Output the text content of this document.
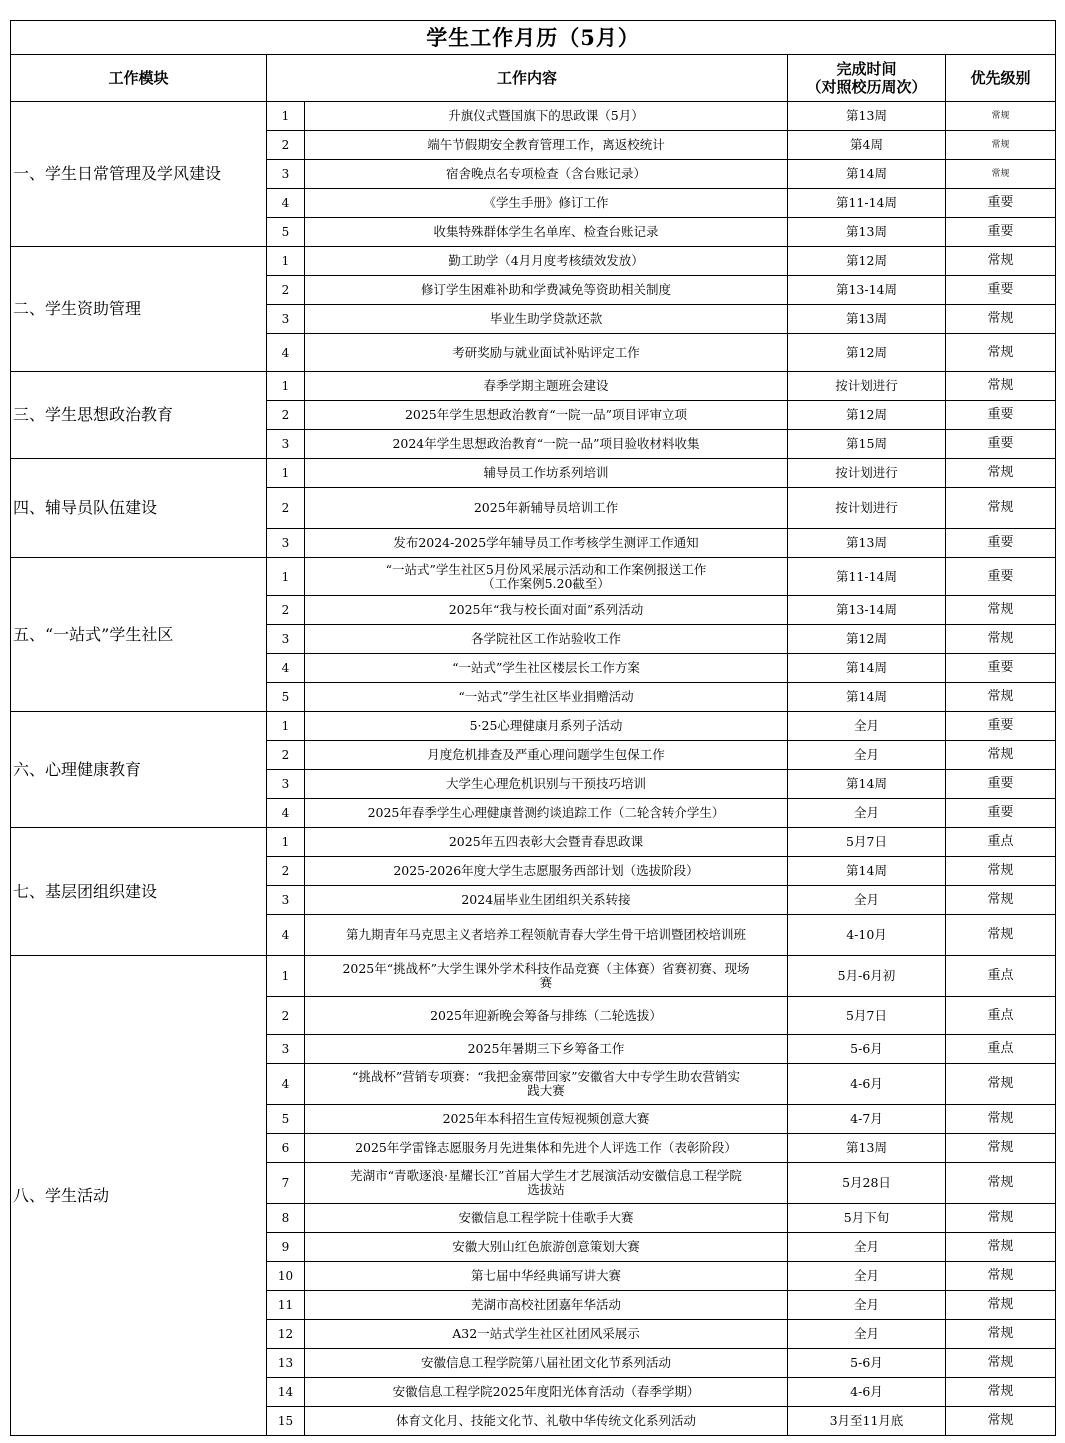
学生工作月历（5月）				
工作模块	工作内容		完成时间
（对照校历周次）	优先级别
一、学生日常管理及学风建设	1	升旗仪式暨国旗下的思政课（5月）	第13周	常规
	2	端午节假期安全教育管理工作，离返校统计	第4周	常规
	3	宿舍晚点名专项检查（含台账记录）	第14周	常规
	4	《学生手册》修订工作	第11-14周	重要
	5	收集特殊群体学生名单库、检查台账记录	第13周	重要
二、学生资助管理	1	勤工助学（4月月度考核绩效发放）	第12周	常规
	2	修订学生困难补助和学费减免等资助相关制度	第13-14周	重要
	3	毕业生助学贷款还款	第13周	常规
	4	考研奖励与就业面试补贴评定工作	第12周	常规
三、学生思想政治教育	1	春季学期主题班会建设	按计划进行	常规
	2	2025年学生思想政治教育“一院一品”项目评审立项	第12周	重要
	3	2024年学生思想政治教育“一院一品”项目验收材料收集	第15周	重要
四、辅导员队伍建设	1	辅导员工作坊系列培训	按计划进行	常规
	2	2025年新辅导员培训工作	按计划进行	常规
	3	发布2024-2025学年辅导员工作考核学生测评工作通知	第13周	重要
五、“一站式”学生社区	1	“一站式”学生社区5月份风采展示活动和工作案例报送工作
（工作案例5.20截至）	第11-14周	重要
	2	2025年“我与校长面对面”系列活动	第13-14周	常规
	3	各学院社区工作站验收工作	第12周	常规
	4	“一站式”学生社区楼层长工作方案	第14周	重要
	5	“一站式”学生社区毕业捐赠活动	第14周	常规
六、心理健康教育	1	5·25心理健康月系列子活动	全月	重要
	2	月度危机排查及严重心理问题学生包保工作	全月	常规
	3	大学生心理危机识别与干预技巧培训	第14周	重要
	4	2025年春季学生心理健康普测约谈追踪工作（二轮含转介学生）	全月	重要
七、基层团组织建设	1	2025年五四表彰大会暨青春思政课	5月7日	重点
	2	2025-2026年度大学生志愿服务西部计划（选拔阶段）	第14周	常规
	3	2024届毕业生团组织关系转接	全月	常规
	4	第九期青年马克思主义者培养工程领航青春大学生骨干培训暨团校培训班	4-10月	常规
八、学生活动	1	2025年“挑战杯”大学生课外学术科技作品竞赛（主体赛）省赛初赛、现场
赛	5月-6月初	重点
	2	2025年迎新晚会筹备与排练（二轮选拔）	5月7日	重点
	3	2025年暑期三下乡筹备工作	5-6月	重点
	4	“挑战杯”营销专项赛：“我把金寨带回家”安徽省大中专学生助农营销实
践大赛	4-6月	常规
	5	2025年本科招生宣传短视频创意大赛	4-7月	常规
	6	2025年学雷锋志愿服务月先进集体和先进个人评选工作（表彰阶段）	第13周	常规
	7	芜湖市“青歌逐浪·星耀长江”首届大学生才艺展演活动安徽信息工程学院
选拔站	5月28日	常规
	8	安徽信息工程学院十佳歌手大赛	5月下旬	常规
	9	安徽大别山红色旅游创意策划大赛	全月	常规
	10	第七届中华经典诵写讲大赛	全月	常规
	11	芜湖市高校社团嘉年华活动	全月	常规
	12	A32一站式学生社区社团风采展示	全月	常规
	13	安徽信息工程学院第八届社团文化节系列活动	5-6月	常规
	14	安徽信息工程学院2025年度阳光体育活动（春季学期）	4-6月	常规
	15	体育文化月、技能文化节、礼敬中华传统文化系列活动	3月至11月底	常规
